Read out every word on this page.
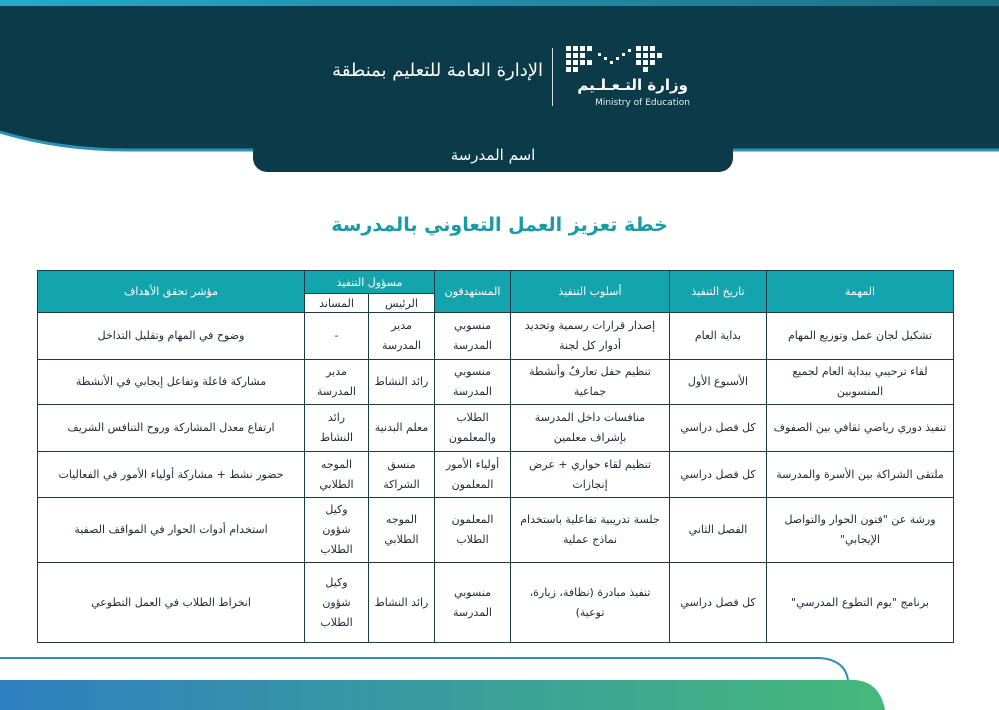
الإدارة العامة للتعليم بمنطقة
وزارة التـعـلـيم
Ministry of Education
اسم المدرسة
خطة تعزيز العمل التعاوني بالمدرسة
المهمة	تاريخ التنفيذ	أسلوب التنفيذ	المستهدفون	مسؤول التنفيذ		مؤشر تحقق الأهداف
				الرئيس	المساند	
تشكيل لجان عمل وتوزيع المهام	بداية العام	إصدار قرارات رسمية وتحديد أدوار كل لجنة	منسوبي المدرسة	مدير المدرسة	-	وضوح في المهام وتقليل التداخل
لقاء ترحيبي ببداية العام لجميع المنسوبين	الأسبوع الأول	تنظيم حفل تعارفٌ وأنشطة جماعية	منسوبي المدرسة	رائد النشاط	مدير المدرسة	مشاركة فاعلة وتفاعل إيجابي في الأنشطة
تنفيذ دوري رياضي ثقافي بين الصفوف	كل فصل دراسي	منافسات داخل المدرسة بإشراف معلمين	الطلاب والمعلمون	معلم البدنية	رائد النشاط	ارتفاع معدل المشاركة وروح التنافس الشريف
ملتقى الشراكة بين الأسرة والمدرسة	كل فصل دراسي	تنظيم لقاء حواري + عرض إنجازات	أولياء الأمور المعلمون	منسق الشراكة	الموجه الطلابي	حضور نشط + مشاركة أولياء الأمور في الفعاليات
ورشة عن "فنون الحوار والتواصل الإيجابي"	الفصل الثاني	جلسة تدريبية تفاعلية باستخدام نماذج عملية	المعلمون الطلاب	الموجه الطلابي	وكيل شؤون الطلاب	استخدام أدوات الحوار في المواقف الصفية
برنامج "يوم التطوع المدرسي"	كل فصل دراسي	تنفيذ مبادرة (نظافة، زيارة، توعية)	منسوبي المدرسة	رائد النشاط	وكيل شؤون الطلاب	انخراط الطلاب في العمل التطوعي
